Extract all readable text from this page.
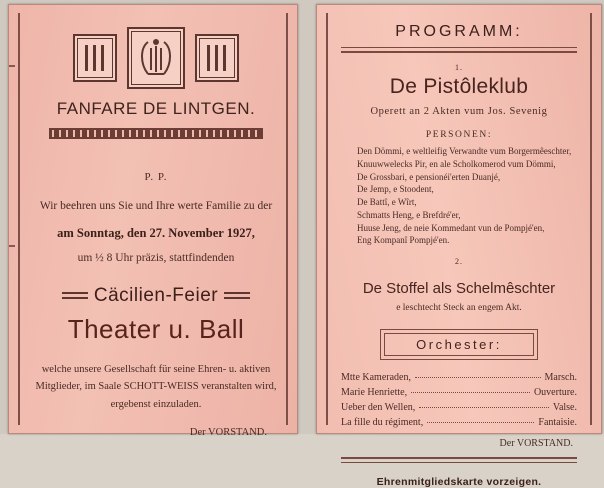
FANFARE DE LINTGEN.
P. P.
Wir beehren uns Sie und Ihre werte Familie zu der
am Sonntag, den 27. November 1927,
um ½ 8 Uhr präzis, stattfindenden
Cäcilien-Feier
Theater u. Ball
welche unsere Gesellschaft für seine Ehren- u. aktiven Mitglieder, im Saale SCHOTT-WEISS veranstalten wird, ergebenst einzuladen.
Der VORSTAND.
PROGRAMM:
1.
De Pistôleklub
Operett an 2 Akten vum Jos. Sevenig
PERSONEN:
Den Dömmi, e weltleifig Verwandte vum Borgermêeschter,
Knuuwwelecks Pir, en ale Scholkomerod vum Dömmi,
De Grossbari, e pensionéi'erten Duanjé,
De Jemp, e Stoodent,
De Battî, e Wîrt,
Schmatts Heng, e Brefdré'er,
Huuse Jeng, de neie Kommedant vun de Pompjé'en,
Eng Kompanî Pompjé'en.
2.
De Stoffel als Schelmêschter
e leschtecht Steck an engem Akt.
Orchester:
Mtte Kameraden,	Marsch.
Marie Henriette,	Ouverture.
Ueber den Wellen,	Valse.
La fille du régiment,	Fantaisie.
Der VORSTAND.
Ehrenmitgliedskarte vorzeigen.
